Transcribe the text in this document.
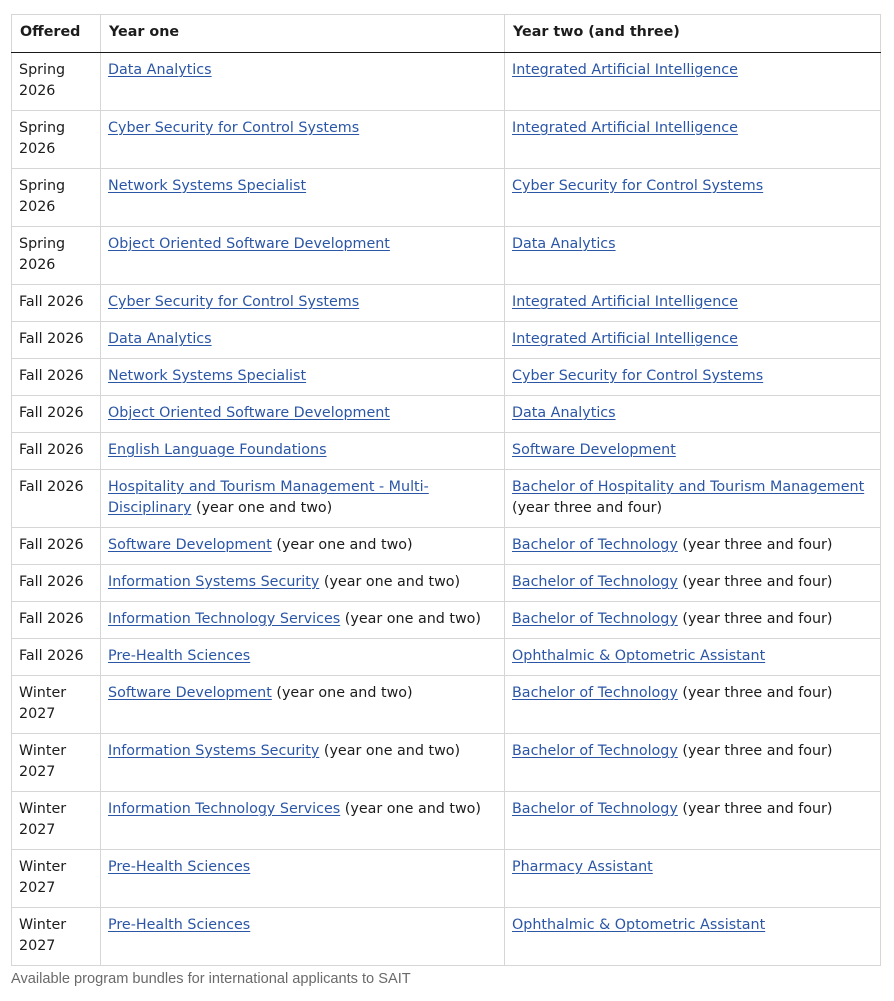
Offered	Year one	Year two (and three)
Spring 2026	Data Analytics	Integrated Artificial Intelligence
Spring 2026	Cyber Security for Control Systems	Integrated Artificial Intelligence
Spring 2026	Network Systems Specialist	Cyber Security for Control Systems
Spring 2026	Object Oriented Software Development	Data Analytics
Fall 2026	Cyber Security for Control Systems	Integrated Artificial Intelligence
Fall 2026	Data Analytics	Integrated Artificial Intelligence
Fall 2026	Network Systems Specialist	Cyber Security for Control Systems
Fall 2026	Object Oriented Software Development	Data Analytics
Fall 2026	English Language Foundations	Software Development
Fall 2026	Hospitality and Tourism Management - Multi-Disciplinary (year one and two)	Bachelor of Hospitality and Tourism Management (year three and four)
Fall 2026	Software Development (year one and two)	Bachelor of Technology (year three and four)
Fall 2026	Information Systems Security (year one and two)	Bachelor of Technology (year three and four)
Fall 2026	Information Technology Services (year one and two)	Bachelor of Technology (year three and four)
Fall 2026	Pre-Health Sciences	Ophthalmic & Optometric Assistant
Winter 2027	Software Development (year one and two)	Bachelor of Technology (year three and four)
Winter 2027	Information Systems Security (year one and two)	Bachelor of Technology (year three and four)
Winter 2027	Information Technology Services (year one and two)	Bachelor of Technology (year three and four)
Winter 2027	Pre-Health Sciences	Pharmacy Assistant
Winter 2027	Pre-Health Sciences	Ophthalmic & Optometric Assistant
Available program bundles for international applicants to SAIT
